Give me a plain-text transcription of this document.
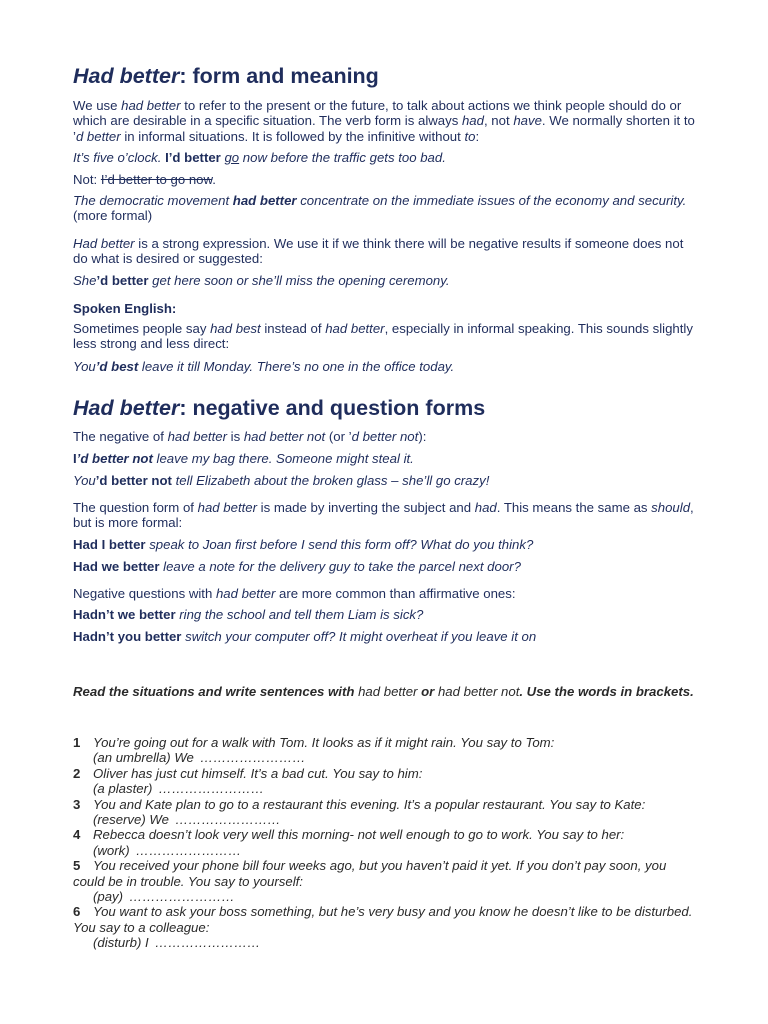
Had better: form and meaning

We use had better to refer to the present or the future, to talk about actions we think people should do or which are desirable in a specific situation. The verb form is always had, not have. We normally shorten it to ’d better in informal situations. It is followed by the infinitive without to:

It’s five o’clock. I’d better go now before the traffic gets too bad.

Not: I’d better to go now.

The democratic movement had better concentrate on the immediate issues of the economy and security. (more formal)

Had better is a strong expression. We use it if we think there will be negative results if someone does not do what is desired or suggested:

She’d better get here soon or she’ll miss the opening ceremony.

Spoken English:

Sometimes people say had best instead of had better, especially in informal speaking. This sounds slightly less strong and less direct:

You’d best leave it till Monday. There’s no one in the office today.

Had better: negative and question forms

The negative of had better is had better not (or ’d better not):

I’d better not leave my bag there. Someone might steal it.

You’d better not tell Elizabeth about the broken glass – she’ll go crazy!

The question form of had better is made by inverting the subject and had. This means the same as should, but is more formal:

Had I better speak to Joan first before I send this form off? What do you think?

Had we better leave a note for the delivery guy to take the parcel next door?

Negative questions with had better are more common than affirmative ones:

Hadn’t we better ring the school and tell them Liam is sick?

Hadn’t you better switch your computer off? It might overheat if you leave it on

Read the situations and write sentences with had better or had better not. Use the words in brackets.

1 You’re going out for a walk with Tom. It looks as if it might rain. You say to Tom:
(an umbrella) We ……………………
2 Oliver has just cut himself. It’s a bad cut. You say to him:
(a plaster) ……………………
3 You and Kate plan to go to a restaurant this evening. It’s a popular restaurant. You say to Kate:
(reserve) We ……………………
4 Rebecca doesn’t look very well this morning- not well enough to go to work. You say to her:
(work) ……………………
5 You received your phone bill four weeks ago, but you haven’t paid it yet. If you don’t pay soon, you could be in trouble. You say to yourself:
(pay) ……………………
6 You want to ask your boss something, but he’s very busy and you know he doesn’t like to be disturbed. You say to a colleague:
(disturb) I ……………………
